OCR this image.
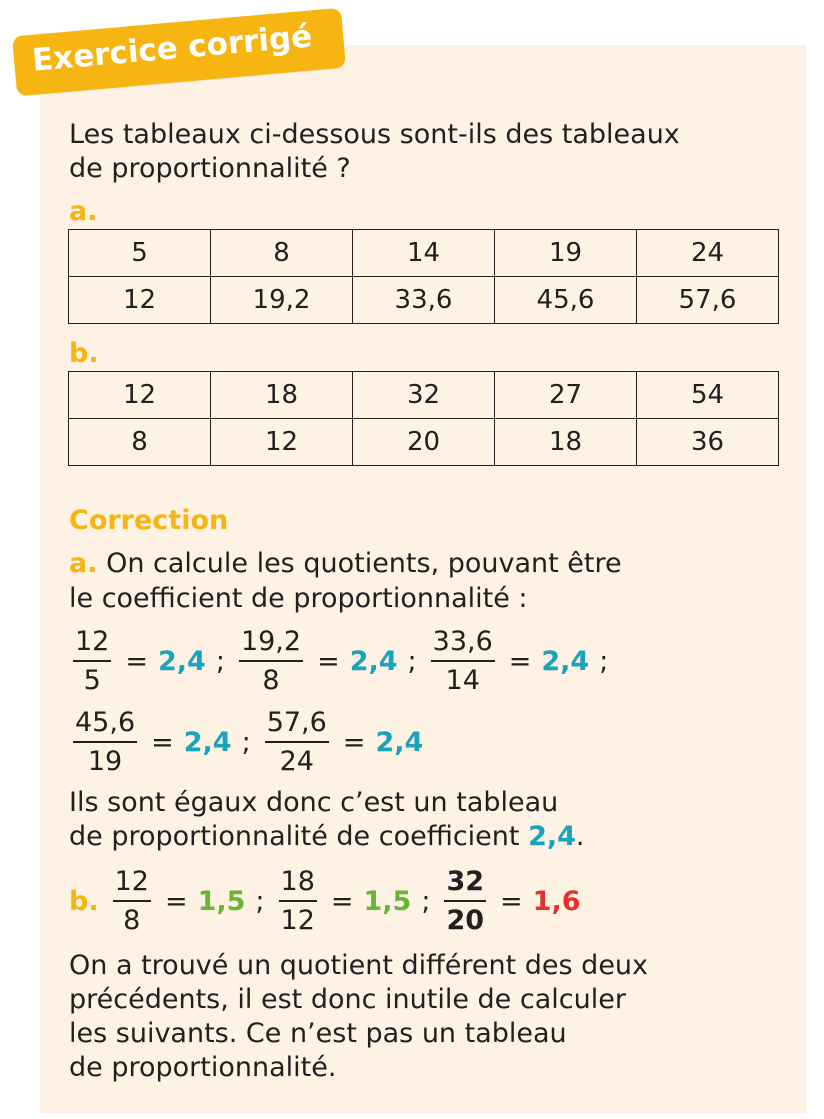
Exercice corrigé
Les tableaux ci-dessous sont-ils des tableaux
de proportionnalité ?
a.
5	8	14	19	24
12	19,2	33,6	45,6	57,6
b.
12	18	32	27	54
8	12	20	18	36
Correction
a. On calcule les quotients, pouvant être
le coefficient de proportionnalité :
$\frac{12}{5} = 2,4$ ; $\frac{19,2}{8} = 2,4$ ; $\frac{33,6}{14} = 2,4$ ;
$\frac{45,6}{19} = 2,4$ ; $\frac{57,6}{24} = 2,4$
Ils sont égaux donc c’est un tableau
de proportionnalité de coefficient 2,4.
b. $\frac{12}{8} = 1,5$ ; $\frac{18}{12} = 1,5$ ; $\frac{32}{20} = 1,6$
On a trouvé un quotient différent des deux
précédents, il est donc inutile de calculer
les suivants. Ce n’est pas un tableau
de proportionnalité.
